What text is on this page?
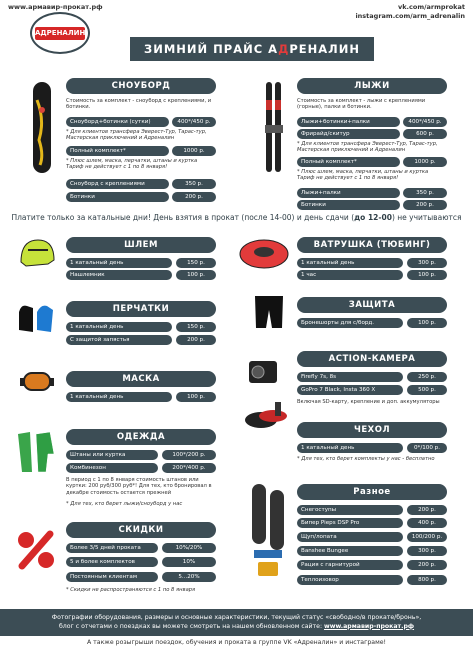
www.армавир-прокат.рф	vk.com/armprokat
instagram.com/arm_adrenalin
АДРЕНАЛИН
ЗИМНИЙ ПРАЙС АДРЕНАЛИН
СНОУБОРД
Стоимость за комплект - сноуборд с креплениями, и ботинки.
Сноуборд+ботинки (сутки)	400*/450 р.
* Для клиентов трансфера Эверест-Тур, Тарас-тур, Мастерская приключений и Адреналин
Полный комплект*	1000 р.
* Плюс шлем, маска, перчатки, штаны и куртка Тариф не действует с 1 по 8 января!
Сноуборд с креплениями	350 р.
Ботинки	200 р.
ЛЫЖИ
Стоимость за комплект - лыжи с креплениями (горные), палки и ботинки.
Лыжи+ботинки+палки	400*/450 р.
Фрирайд/скитур	600 р.
* Для клиентов трансфера Эверест-Тур, Тарас-тур, Мастерская приключений и Адреналин
Полный комплект*	1000 р.
* Плюс шлем, маска, перчатки, штаны и куртка Тариф не действует с 1 по 8 января!
Лыжи+палки	350 р.
Ботинки	200 р.
Платите только за катальные дни! День взятия в прокат (после 14-00) и день сдачи (до 12-00) не учитываются
ШЛЕМ
1 катальный день	150 р.
Нашлемник	100 р.
ВАТРУШКА (ТЮБИНГ)
1 катальный день	300 р.
1 час	100 р.
ПЕРЧАТКИ
1 катальный день	150 р.
С защитой запястья	200 р.
ЗАЩИТА
Бронешорты для с/борд.	100 р.
МАСКА
1 катальный день	100 р.
ACTION-КАМЕРА
Firefly 7s, 8s	250 р.
GoPro 7 Black, Insta 360 X	500 р.
Включая SD-карту, крепление и доп. аккумуляторы
ОДЕЖДА
Штаны или куртка	100*/200 р.
Комбинезон	200*/400 р.
В период с 1 по 8 января стоимость штанов или куртки: 200 руб/300 руб*! Для тех, кто бронировал в декабре стоимость остается прежней
* Для тех, кто берет лыжи/сноуборд у нас
ЧЕХОЛ
1 катальный день	0*/100 р.
* Для тех, кто берет комплекты у нас - бесплатно
Разное
Снегоступы	200 р.
Бипер Pieps DSP Pro	400 р.
Щуп/лопата	100/200 р.
Banshee Bungee	300 р.
Рация с гарнитурой	200 р.
Теплоизовор	800 р.
СКИДКИ
Более 3/5 дней проката	10%/20%
5 и более комплектов	10%
Постоянным клиентам	5...20%
* Скидки не распространяются с 1 по 8 января
Фотографии оборудования, размеры и основные характеристики, текущий статус «свободно/в прокате/бронь»,
блог с отчетами о поездках вы можете смотреть на нашем обновленном сайте: www.армавир-прокат.рф
А также розыгрыши поездок, обучения и проката в группе VK «Адреналин» и инстаграме!
